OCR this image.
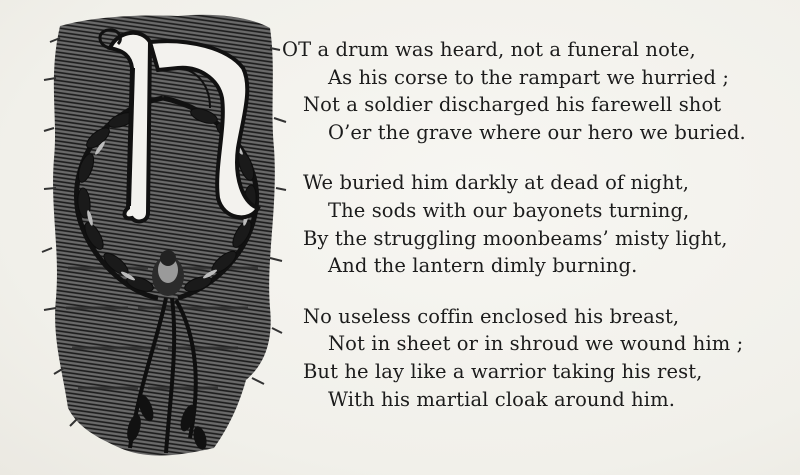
OT a drum was heard, not a funeral note,
As his corse to the rampart we hurried ;
Not a soldier discharged his farewell shot
O’er the grave where our hero we buried.
We buried him darkly at dead of night,
The sods with our bayonets turning,
By the struggling moonbeams’ misty light,
And the lantern dimly burning.
No useless coffin enclosed his breast,
Not in sheet or in shroud we wound him ;
But he lay like a warrior taking his rest,
With his martial cloak around him.
